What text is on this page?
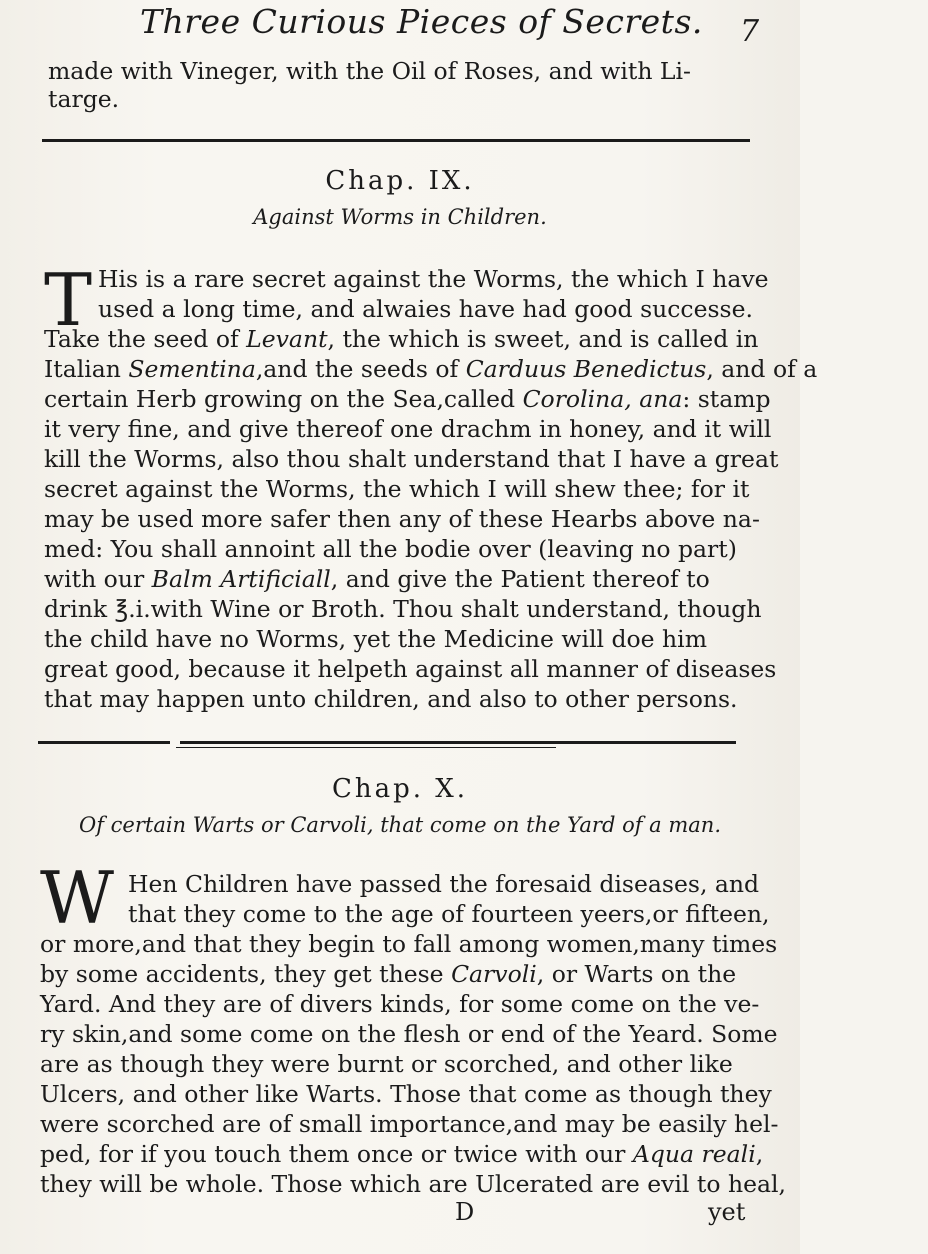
Three Curious Pieces of Secrets. 7
made with Vineger, with the Oil of Roses, and with Li-
targe.
Chap. IX.
Against Worms in Children.
T His is a rare secret against the Worms, the which I have
used a long time, and alwaies have had good successe.
Take the seed of Levant, the which is sweet, and is called in
Italian Sementina,and the seeds of Carduus Benedictus, and of a
certain Herb growing on the Sea,called Corolina, ana: stamp
it very fine, and give thereof one drachm in honey, and it will
kill the Worms, also thou shalt understand that I have a great
secret against the Worms, the which I will shew thee; for it
may be used more safer then any of these Hearbs above na-
med: You shall annoint all the bodie over (leaving no part)
with our Balm Artificiall, and give the Patient thereof to
drink ℥.i.with Wine or Broth. Thou shalt understand, though
the child have no Worms, yet the Medicine will doe him
great good, because it helpeth against all manner of diseases
that may happen unto children, and also to other persons.
Chap. X.
Of certain Warts or Carvoli, that come on the Yard of a man.
W Hen Children have passed the foresaid diseases, and
that they come to the age of fourteen yeers,or fifteen,
or more,and that they begin to fall among women,many times
by some accidents, they get these Carvoli, or Warts on the
Yard. And they are of divers kinds, for some come on the ve-
ry skin,and some come on the flesh or end of the Yeard. Some
are as though they were burnt or scorched, and other like
Ulcers, and other like Warts. Those that come as though they
were scorched are of small importance,and may be easily hel-
ped, for if you touch them once or twice with our Aqua reali,
they will be whole. Those which are Ulcerated are evil to heal,
D	yet
